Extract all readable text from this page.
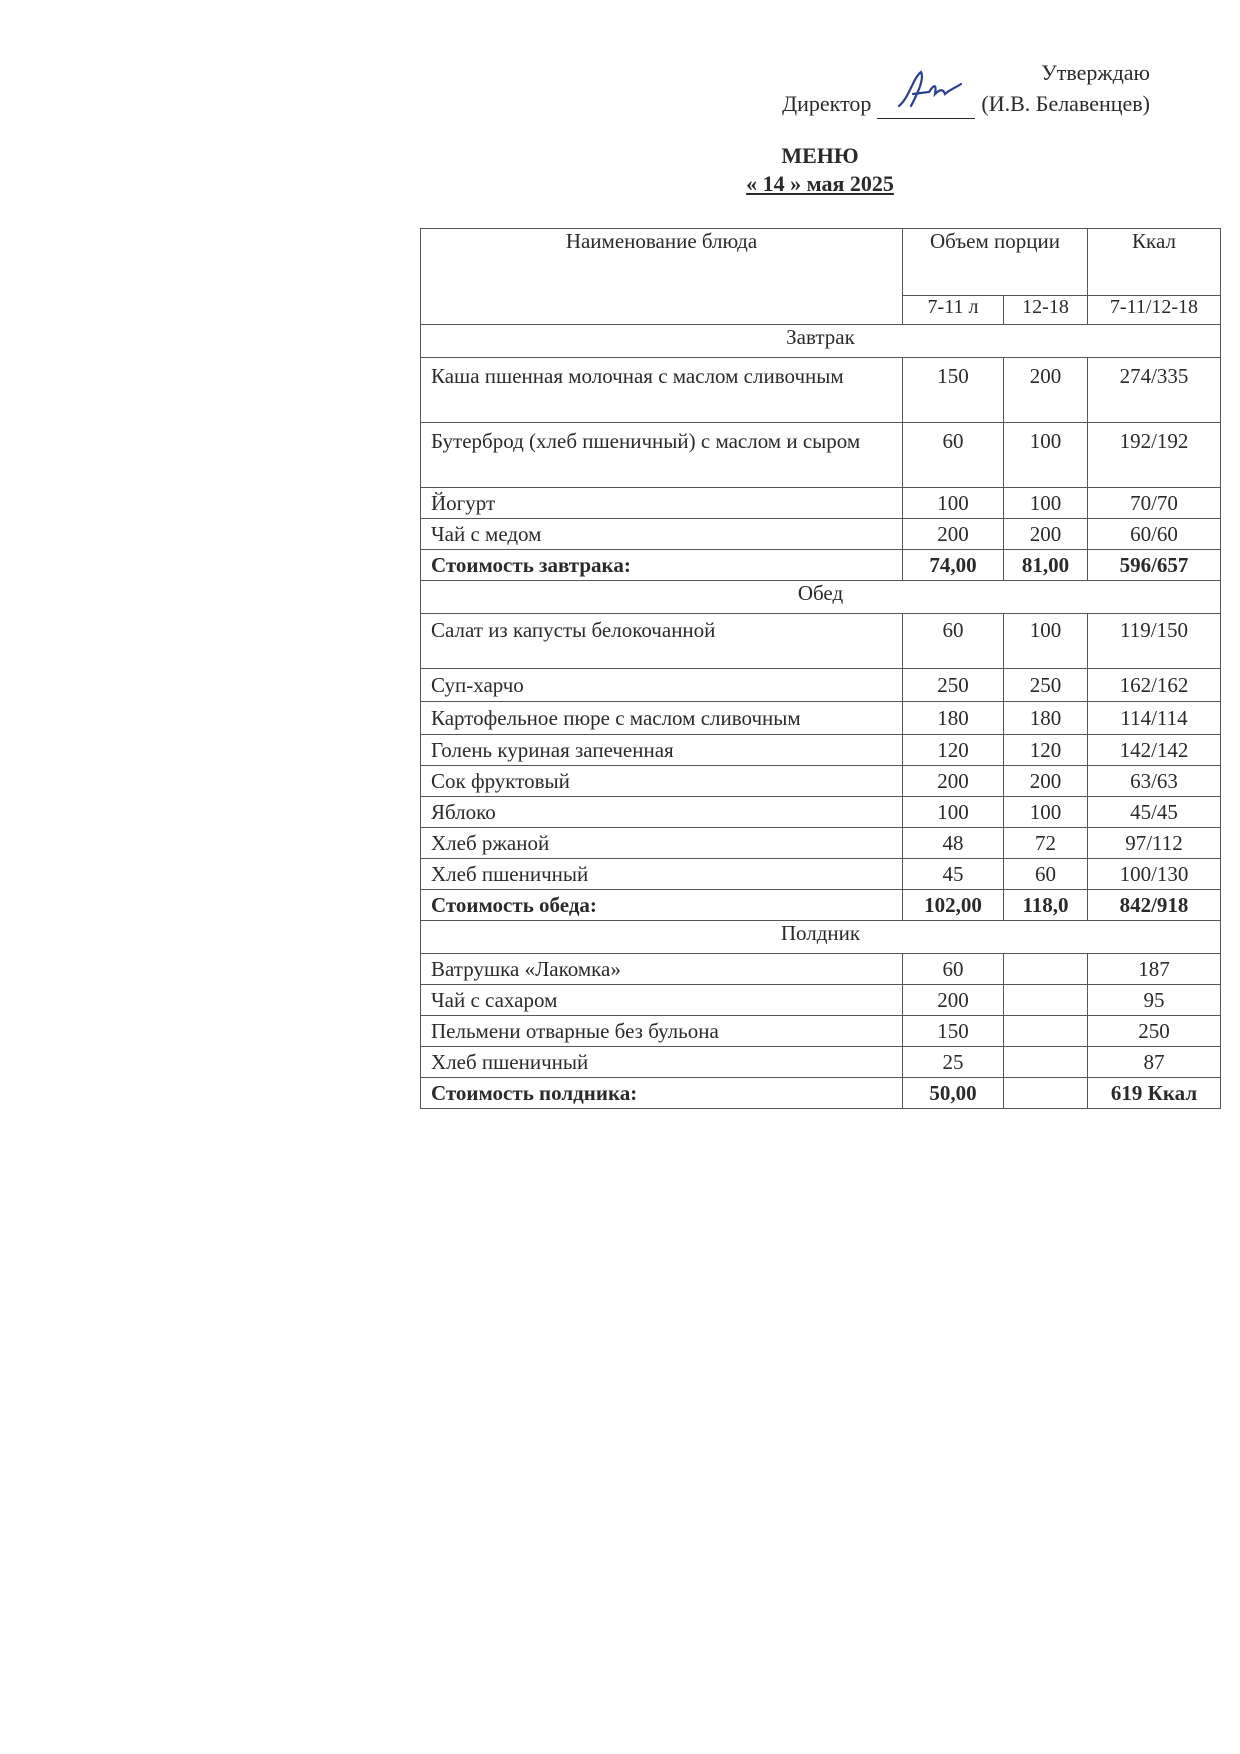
Утверждаю
Директор	(И.В. Белавенцев)
МЕНЮ
« 14 » мая 2025
Наименование блюда	Объем порции		Ккал
	7-11 л	12-18	7-11/12-18
Завтрак			
Каша пшенная молочная с маслом сливочным	150	200	274/335
Бутерброд (хлеб пшеничный) с маслом и сыром	60	100	192/192
Йогурт	100	100	70/70
Чай с медом	200	200	60/60
Стоимость завтрака:	74,00	81,00	596/657
Обед			
Салат из капусты белокочанной	60	100	119/150
Суп-харчо	250	250	162/162
Картофельное пюре с маслом сливочным	180	180	114/114
Голень куриная запеченная	120	120	142/142
Сок фруктовый	200	200	63/63
Яблоко	100	100	45/45
Хлеб ржаной	48	72	97/112
Хлеб пшеничный	45	60	100/130
Стоимость обеда:	102,00	118,0	842/918
Полдник			
Ватрушка «Лакомка»	60		187
Чай с сахаром	200		95
Пельмени отварные без бульона	150		250
Хлеб пшеничный	25		87
Стоимость полдника:	50,00		619 Ккал
